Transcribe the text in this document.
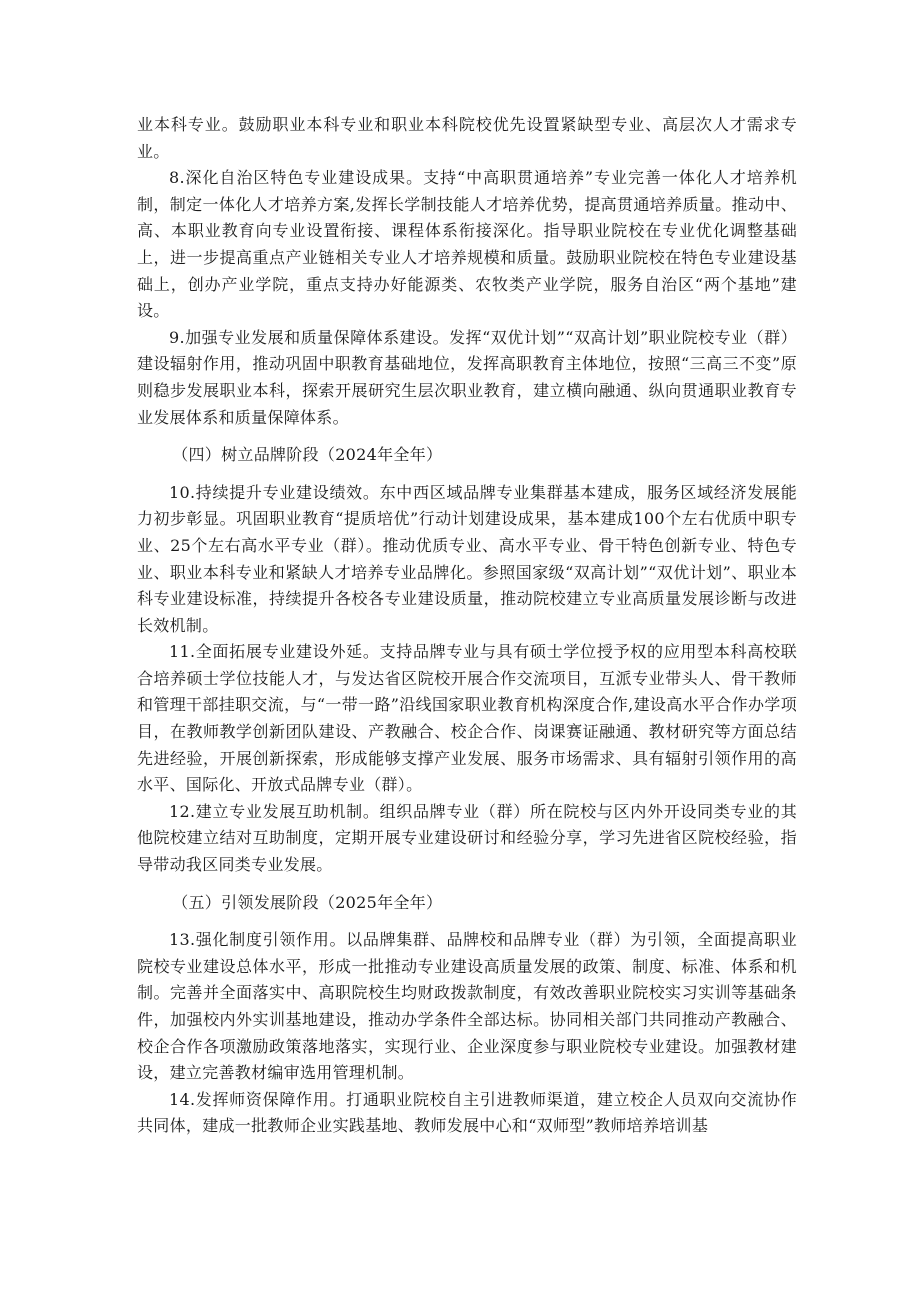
业本科专业。鼓励职业本科专业和职业本科院校优先设置紧缺型专业、高层次人才需求专业。

8.深化自治区特色专业建设成果。支持“中高职贯通培养”专业完善一体化人才培养机制，制定一体化人才培养方案,发挥长学制技能人才培养优势，提高贯通培养质量。推动中、高、本职业教育向专业设置衔接、课程体系衔接深化。指导职业院校在专业优化调整基础上，进一步提高重点产业链相关专业人才培养规模和质量。鼓励职业院校在特色专业建设基础上，创办产业学院，重点支持办好能源类、农牧类产业学院，服务自治区“两个基地”建设。

9.加强专业发展和质量保障体系建设。发挥“双优计划”“双高计划”职业院校专业（群）建设辐射作用，推动巩固中职教育基础地位，发挥高职教育主体地位，按照“三高三不变”原则稳步发展职业本科，探索开展研究生层次职业教育，建立横向融通、纵向贯通职业教育专业发展体系和质量保障体系。

（四）树立品牌阶段（2024年全年）

10.持续提升专业建设绩效。东中西区域品牌专业集群基本建成，服务区域经济发展能力初步彰显。巩固职业教育“提质培优”行动计划建设成果，基本建成100个左右优质中职专业、25个左右高水平专业（群）。推动优质专业、高水平专业、骨干特色创新专业、特色专业、职业本科专业和紧缺人才培养专业品牌化。参照国家级“双高计划”“双优计划”、职业本科专业建设标准，持续提升各校各专业建设质量，推动院校建立专业高质量发展诊断与改进长效机制。

11.全面拓展专业建设外延。支持品牌专业与具有硕士学位授予权的应用型本科高校联合培养硕士学位技能人才，与发达省区院校开展合作交流项目，互派专业带头人、骨干教师和管理干部挂职交流，与“一带一路”沿线国家职业教育机构深度合作,建设高水平合作办学项目，在教师教学创新团队建设、产教融合、校企合作、岗课赛证融通、教材研究等方面总结先进经验，开展创新探索，形成能够支撑产业发展、服务市场需求、具有辐射引领作用的高水平、国际化、开放式品牌专业（群）。

12.建立专业发展互助机制。组织品牌专业（群）所在院校与区内外开设同类专业的其他院校建立结对互助制度，定期开展专业建设研讨和经验分享，学习先进省区院校经验，指导带动我区同类专业发展。

（五）引领发展阶段（2025年全年）

13.强化制度引领作用。以品牌集群、品牌校和品牌专业（群）为引领，全面提高职业院校专业建设总体水平，形成一批推动专业建设高质量发展的政策、制度、标准、体系和机制。完善并全面落实中、高职院校生均财政拨款制度，有效改善职业院校实习实训等基础条件，加强校内外实训基地建设，推动办学条件全部达标。协同相关部门共同推动产教融合、校企合作各项激励政策落地落实，实现行业、企业深度参与职业院校专业建设。加强教材建设，建立完善教材编审选用管理机制。

14.发挥师资保障作用。打通职业院校自主引进教师渠道，建立校企人员双向交流协作共同体，建成一批教师企业实践基地、教师发展中心和“双师型”教师培养培训基
